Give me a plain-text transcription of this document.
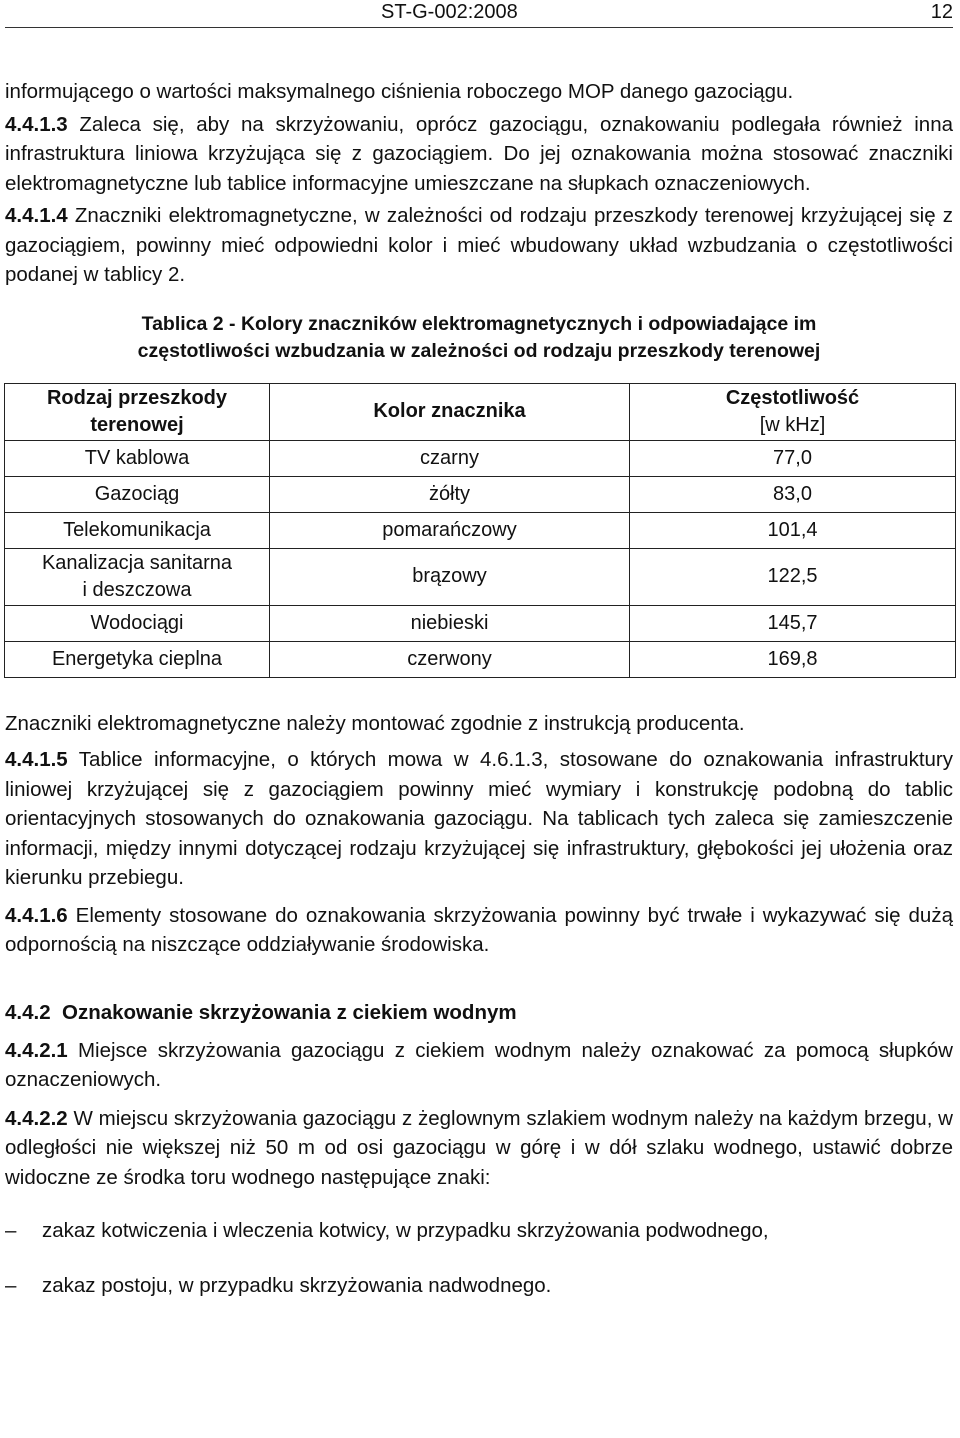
ST-G-002:2008	12

informującego o wartości maksymalnego ciśnienia roboczego MOP danego gazociągu.

4.4.1.3 Zaleca się, aby na skrzyżowaniu, oprócz gazociągu, oznakowaniu podlegała również inna infrastruktura liniowa krzyżująca się z gazociągiem. Do jej oznakowania można stosować znaczniki elektromagnetyczne lub tablice informacyjne umieszczane na słupkach oznaczeniowych.

4.4.1.4 Znaczniki elektromagnetyczne, w zależności od rodzaju przeszkody terenowej krzyżującej się z gazociągiem, powinny mieć odpowiedni kolor i mieć wbudowany układ wzbudzania o częstotliwości podanej w tablicy 2.

Tablica 2 - Kolory znaczników elektromagnetycznych i odpowiadające im

częstotliwości wzbudzania w zależności od rodzaju przeszkody terenowej

Rodzaj przeszkody
terenowej	Kolor znacznika	Częstotliwość
[w kHz]
TV kablowa	czarny	77,0
Gazociąg	żółty	83,0
Telekomunikacja	pomarańczowy	101,4
Kanalizacja sanitarna
i deszczowa	brązowy	122,5
Wodociągi	niebieski	145,7
Energetyka cieplna	czerwony	169,8

Znaczniki elektromagnetyczne należy montować zgodnie z instrukcją producenta.

4.4.1.5 Tablice informacyjne, o których mowa w 4.6.1.3, stosowane do oznakowania infrastruktury liniowej krzyżującej się z gazociągiem powinny mieć wymiary i konstrukcję podobną do tablic orientacyjnych stosowanych do oznakowania gazociągu. Na tablicach tych zaleca się zamieszczenie informacji, między innymi dotyczącej rodzaju krzyżującej się infrastruktury, głębokości jej ułożenia oraz kierunku przebiegu.

4.4.1.6 Elementy stosowane do oznakowania skrzyżowania powinny być trwałe i wykazywać się dużą odpornością na niszczące oddziaływanie środowiska.

4.4.2 Oznakowanie skrzyżowania z ciekiem wodnym

4.4.2.1 Miejsce skrzyżowania gazociągu z ciekiem wodnym należy oznakować za pomocą słupków oznaczeniowych.

4.4.2.2 W miejscu skrzyżowania gazociągu z żeglownym szlakiem wodnym należy na każdym brzegu, w odległości nie większej niż 50 m od osi gazociągu w górę i w dół szlaku wodnego, ustawić dobrze widoczne ze środka toru wodnego następujące znaki:

– zakaz kotwiczenia i wleczenia kotwicy, w przypadku skrzyżowania podwodnego,
– zakaz postoju, w przypadku skrzyżowania nadwodnego.
